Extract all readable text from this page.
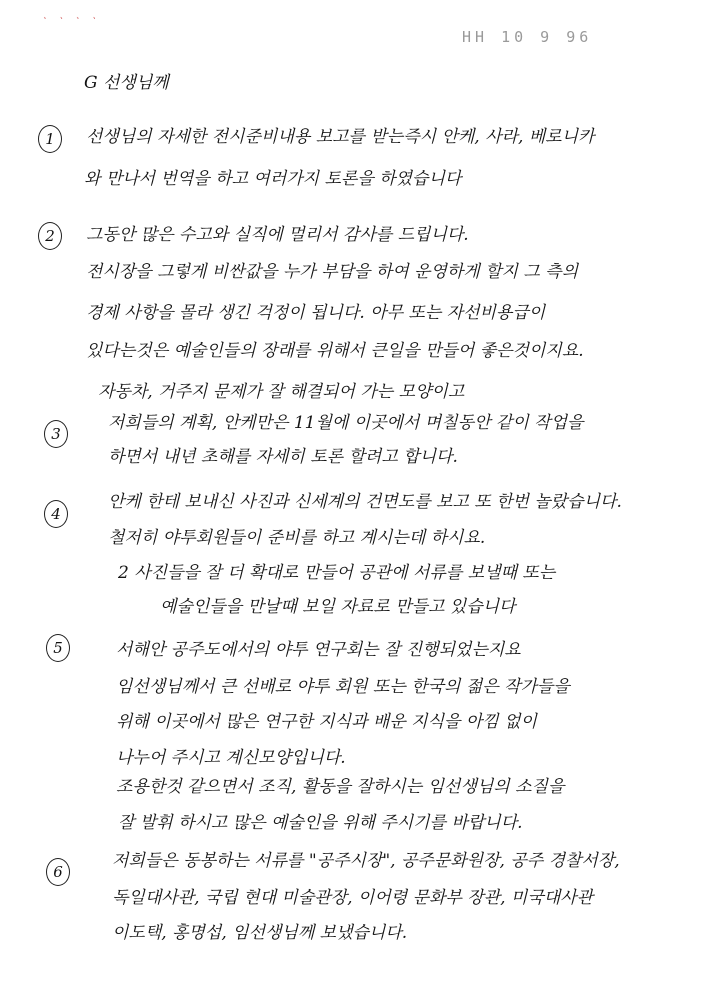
ㆍ ㆍ ㆍ ㆍ
HH 10 9 96
G 선생님께
1	선생님의 자세한 전시준비내용 보고를 받는즉시 안케, 사라, 베로니카
와 만나서 번역을 하고 여러가지 토론을 하였습니다
2	그동안 많은 수고와 실직에 멀리서 감사를 드립니다.
전시장을 그렇게 비싼값을 누가 부담을 하여 운영하게 할지 그 측의
경제 사항을 몰라 생긴 걱정이 됩니다. 아무 또는 자선비용급이
있다는것은 예술인들의 장래를 위해서 큰일을 만들어 좋은것이지요.
자동차, 거주지 문제가 잘 해결되어 가는 모양이고
3
저희들의 계획, 안케만은 11월에 이곳에서 며칠동안 같이 작업을
하면서 내년 초해를 자세히 토론 할려고 합니다.
4
안케 한테 보내신 사진과 신세계의 건면도를 보고 또 한번 놀랐습니다.
철저히 야투회원들이 준비를 하고 계시는데 하시요.
2 사진들을 잘 더 확대로 만들어 공관에 서류를 보낼때 또는
예술인들을 만날때 보일 자료로 만들고 있습니다
5	서해안 공주도에서의 야투 연구회는 잘 진행되었는지요
임선생님께서 큰 선배로 야투 회원 또는 한국의 젊은 작가들을
위해 이곳에서 많은 연구한 지식과 배운 지식을 아낌 없이
나누어 주시고 계신모양입니다.
조용한것 같으면서 조직, 활동을 잘하시는 임선생님의 소질을
잘 발휘 하시고 많은 예술인을 위해 주시기를 바랍니다.
6
저희들은 동봉하는 서류를 "공주시장", 공주문화원장, 공주 경찰서장,
독일대사관, 국립 현대 미술관장, 이어령 문화부 장관, 미국대사관
이도택, 홍명섭, 임선생님께 보냈습니다.
